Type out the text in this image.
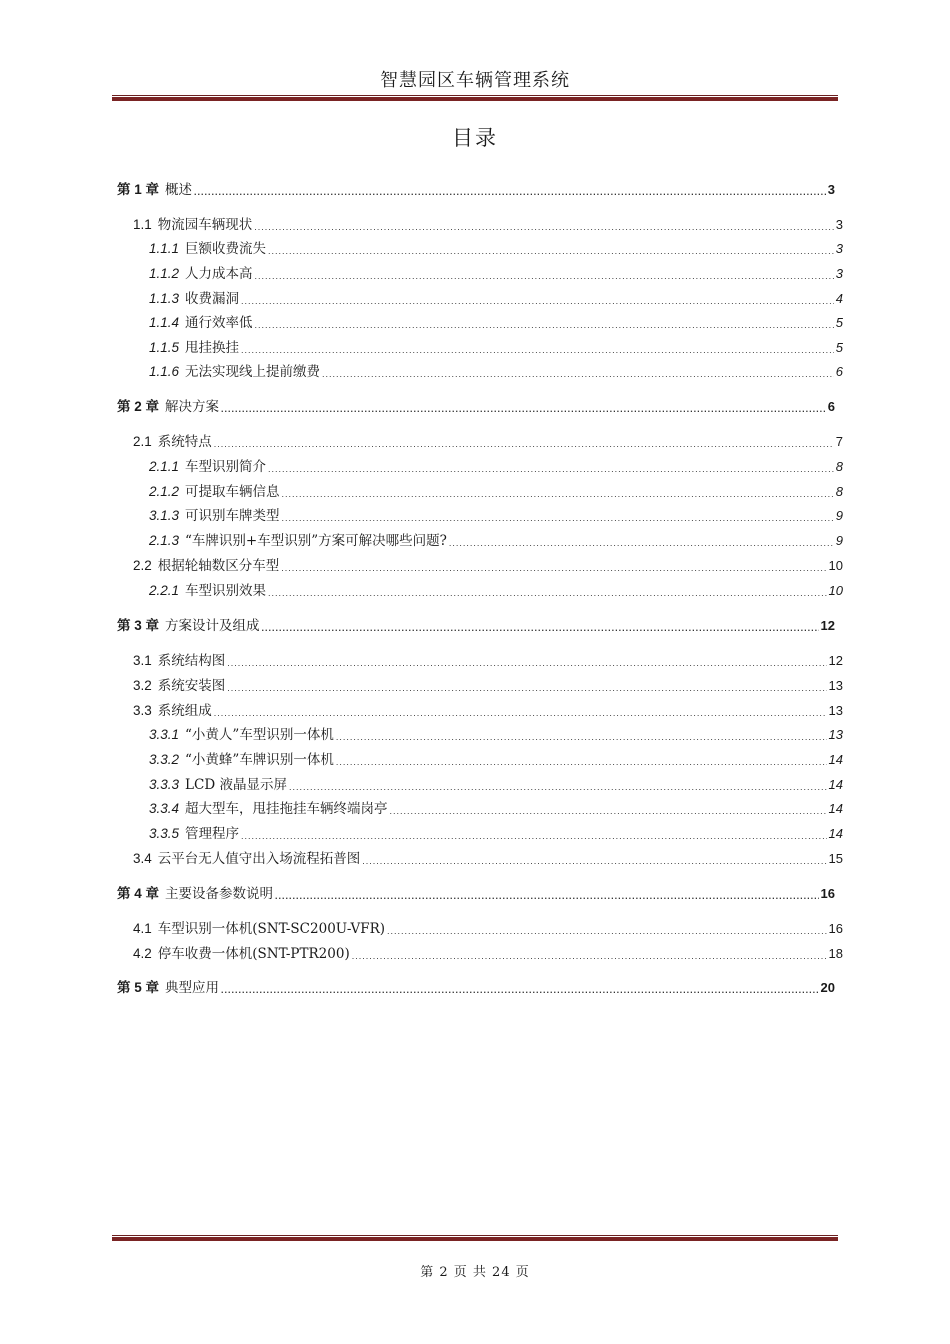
智慧园区车辆管理系统
目录
第 1 章 概述 .....	3
1.1 物流园车辆现状 .....	3
1.1.1 巨额收费流失 .....	3
1.1.2 人力成本高 .....	3
1.1.3 收费漏洞 .....	4
1.1.4 通行效率低 .....	5
1.1.5 甩挂换挂 .....	5
1.1.6 无法实现线上提前缴费 .....	6
第 2 章 解决方案 .....	6
2.1 系统特点 .....	7
2.1.1 车型识别简介 .....	8
2.1.2 可提取车辆信息 .....	8
3.1.3 可识别车牌类型 .....	9
2.1.3 “车牌识别+车型识别”方案可解决哪些问题? .....	9
2.2 根据轮轴数区分车型 .....	10
2.2.1 车型识别效果 .....	10
第 3 章 方案设计及组成 .....	12
3.1 系统结构图 .....	12
3.2 系统安装图 .....	13
3.3 系统组成 .....	13
3.3.1 “小黄人”车型识别一体机 .....	13
3.3.2 “小黄蜂”车牌识别一体机 .....	14
3.3.3 LCD 液晶显示屏 .....	14
3.3.4 超大型车，甩挂拖挂车辆终端岗亭 .....	14
3.3.5 管理程序 .....	14
3.4 云平台无人值守出入场流程拓普图 .....	15
第 4 章 主要设备参数说明 .....	16
4.1 车型识别一体机(SNT-SC200U-VFR) .....	16
4.2 停车收费一体机(SNT-PTR200) .....	18
第 5 章 典型应用 .....	20
第 2 页 共 24 页
